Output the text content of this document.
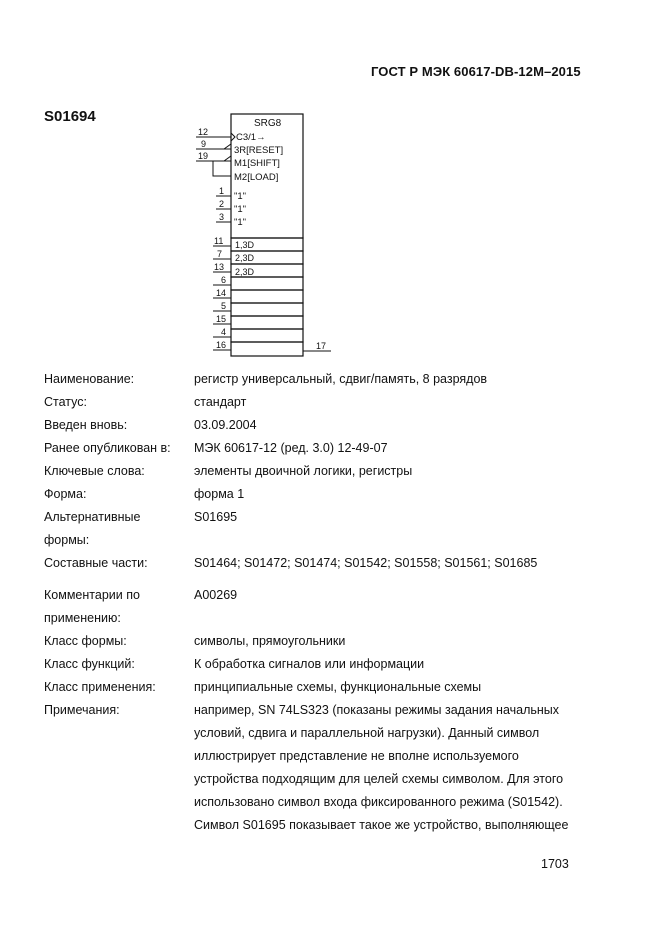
ГОСТ Р МЭК 60617-DB-12М–2015
S01694	SRG8
12	C3/1→
9
3R[RESET]
19
M1[SHIFT]
M2[LOAD]
1 "1"
2 "1"
3 "1"
17
11 1,3D
7 2,3D
13 2,3D
6
14
5
15
4
16
Наименование:	регистр универсальный, сдвиг/память, 8 разрядов
Статус:	стандарт
Введен вновь:	03.09.2004
Ранее опубликован в:	МЭК 60617-12 (ред. 3.0) 12-49-07
Ключевые слова:	элементы двоичной логики, регистры
Форма:	форма 1
Альтернативные	S01695
формы:
Составные части:	S01464; S01472; S01474; S01542; S01558; S01561; S01685
Комментарии по	A00269
применению:
Класс формы:	символы, прямоугольники
Класс функций:	К обработка сигналов или информации
Класс применения:	принципиальные схемы, функциональные схемы
Примечания:	например, SN 74LS323 (показаны режимы задания начальных
условий, сдвига и параллельной нагрузки). Данный символ
иллюстрирует представление не вполне используемого
устройства подходящим для целей схемы символом. Для этого
использовано символ входа фиксированного режима (S01542).
Символ S01695 показывает такое же устройство, выполняющее
1703
